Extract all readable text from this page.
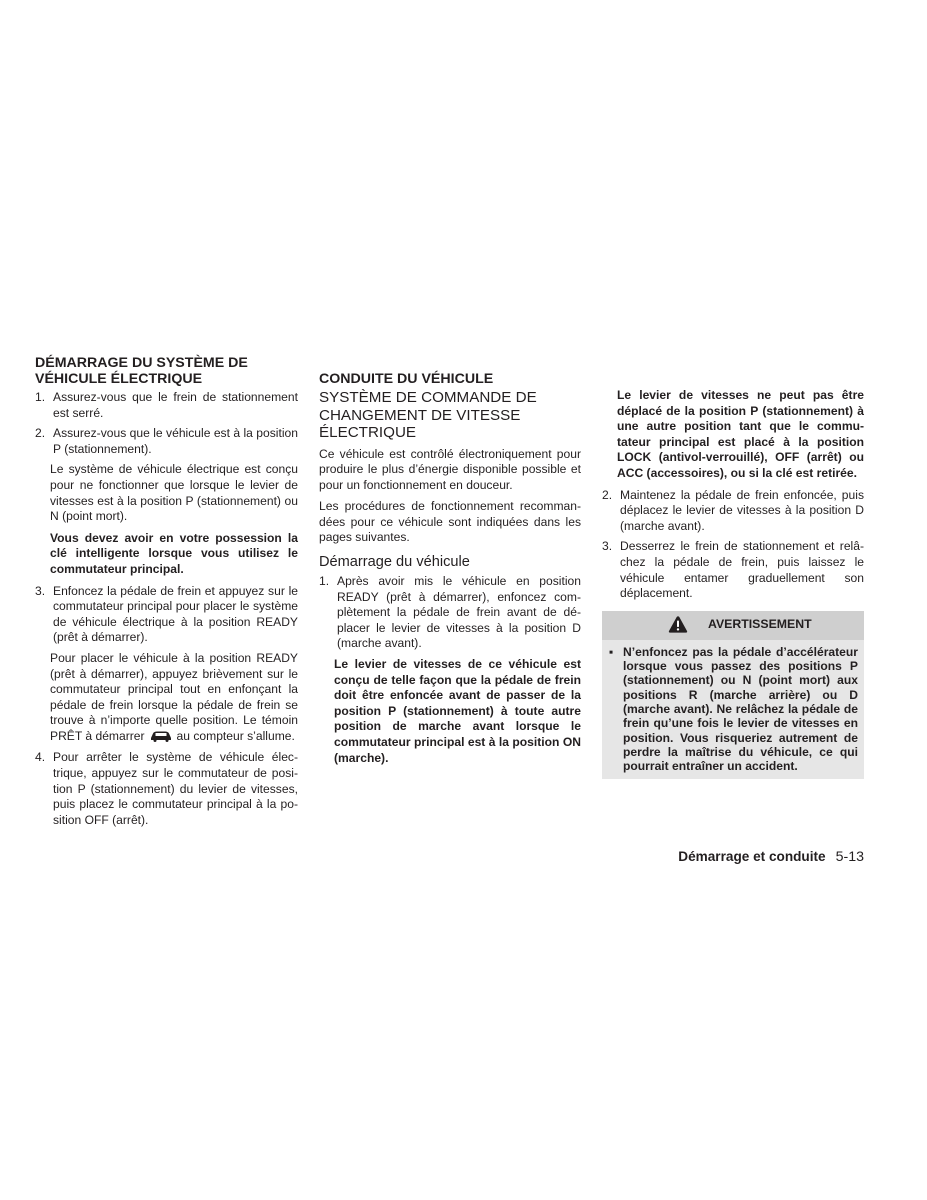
DÉMARRAGE DU SYSTÈME DE VÉHICULE ÉLECTRIQUE
1. Assurez-vous que le frein de stationnement est serré.
2. Assurez-vous que le véhicule est à la position P (stationnement).

Le système de véhicule électrique est conçu pour ne fonctionner que lorsque le levier de vitesses est à la position P (stationnement) ou N (point mort).

Vous devez avoir en votre possession la clé intelligente lorsque vous utilisez le commutateur principal.

3. Enfoncez la pédale de frein et appuyez sur le commutateur principal pour placer le système de véhicule électrique à la position READY (prêt à démarrer).

Pour placer le véhicule à la position READY (prêt à démarrer), appuyez brièvement sur le commutateur principal tout en enfonçant la pédale de frein lorsque la pédale de frein se trouve à n’importe quelle position. Le témoin PRÊT à démarrer	au compteur s’allume.

4. Pour arrêter le système de véhicule électrique, appuyez sur le commutateur de position P (stationnement) du levier de vitesses, puis placez le commutateur principal à la position OFF (arrêt).
CONDUITE DU VÉHICULE
SYSTÈME DE COMMANDE DE CHANGEMENT DE VITESSE ÉLECTRIQUE

Ce véhicule est contrôlé électroniquement pour produire le plus d’énergie disponible possible et pour un fonctionnement en douceur.

Les procédures de fonctionnement recommandées pour ce véhicule sont indiquées dans les pages suivantes.

Démarrage du véhicule
1. Après avoir mis le véhicule en position READY (prêt à démarrer), enfoncez complètement la pédale de frein avant de déplacer le levier de vitesses à la position D (marche avant).

Le levier de vitesses de ce véhicule est conçu de telle façon que la pédale de frein doit être enfoncée avant de passer de la position P (stationnement) à toute autre position de marche avant lorsque le commutateur principal est à la position ON (marche).

Le levier de vitesses ne peut pas être déplacé de la position P (stationnement) à une autre position tant que le commutateur principal est placé à la position LOCK (antivol-verrouillé), OFF (arrêt) ou ACC (accessoires), ou si la clé est retirée.

2. Maintenez la pédale de frein enfoncée, puis déplacez le levier de vitesses à la position D (marche avant).
3. Desserrez le frein de stationnement et relâchez la pédale de frein, puis laissez le véhicule entamer graduellement son déplacement.
AVERTISSEMENT
▪ N’enfoncez pas la pédale d’accélérateur lorsque vous passez des positions P (stationnement) ou N (point mort) aux positions R (marche arrière) ou D (marche avant). Ne relâchez la pédale de frein qu’une fois le levier de vitesses en position. Vous risqueriez autrement de perdre la maîtrise du véhicule, ce qui pourrait entraîner un accident.
Démarrage et conduite 5-13
